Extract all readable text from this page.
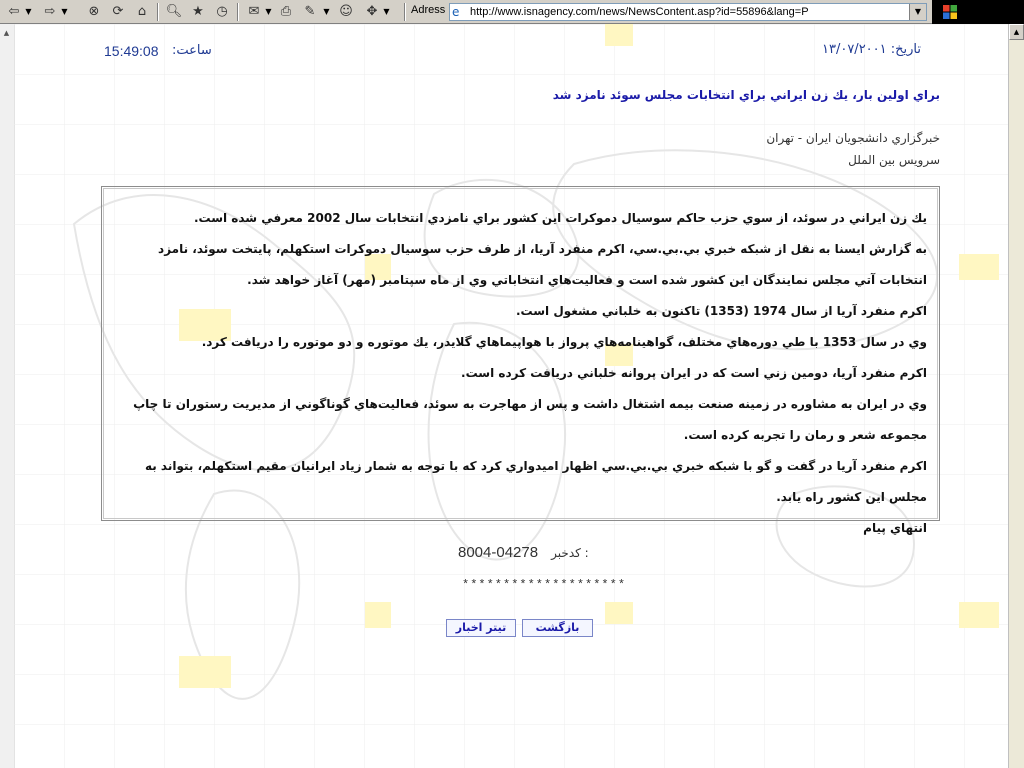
⇦ ▼ ⇨ ▼	⊗	⟳	⌂	🔍︎ ★ ◷	✉ ▼ ⎙	✎ ▼ ☺	✥ ▼ Adress e http://www.isnagency.com/news/NewsContent.asp?id=55896&lang=P	▼
▲	▲
تاريخ: ۱۳/۰۷/۲۰۰۱
15:49:08 ساعت:
براي اولين بار، يك زن ايراني براي انتخابات مجلس سوئد نامزد شد
خبرگزاري دانشجويان ايران - تهران
سرويس بين الملل
يك زن ايراني در سوئد، از سوي حزب حاكم سوسيال دموكرات اين كشور براي نامزدي انتخابات سال 2002 معرفي شده است.
به گزارش ايسنا به نقل از شبكه خبري بي.بي.سي، اكرم منفرد آريا، از طرف حزب سوسيال دموكرات استكهلم، پايتخت سوئد، نامزد انتخابات آتي مجلس نمايندگان اين كشور شده است و فعاليت‌هاي انتخاباتي وي از ماه سپتامبر (مهر) آغاز خواهد شد.
اكرم منفرد آريا از سال 1974 (1353) تاكنون به خلباني مشغول است.
وي در سال 1353 با طي دوره‌هاي مختلف، گواهينامه‌هاي پرواز با هواپيماهاي گلايدر، يك موتوره و دو موتوره را دريافت كرد.
اكرم منفرد آريا، دومين زني است كه در ايران پروانه خلباني دريافت كرده است.
وي در ايران به مشاوره در زمينه صنعت بيمه اشتغال داشت و پس از مهاجرت به سوئد، فعاليت‌هاي گوناگوني از مديريت رستوران تا چاپ مجموعه شعر و رمان را تجربه كرده است.
اكرم منفرد آريا در گفت و گو با شبكه خبري بي.بي.سي اظهار اميدواري كرد كه با توجه به شمار زياد ايرانيان مقيم استكهلم، بتواند به مجلس اين كشور راه يابد.
انتهاي پيام
8004-04278 كدخبر :
********************
تيتر اخبار	بازگشت
